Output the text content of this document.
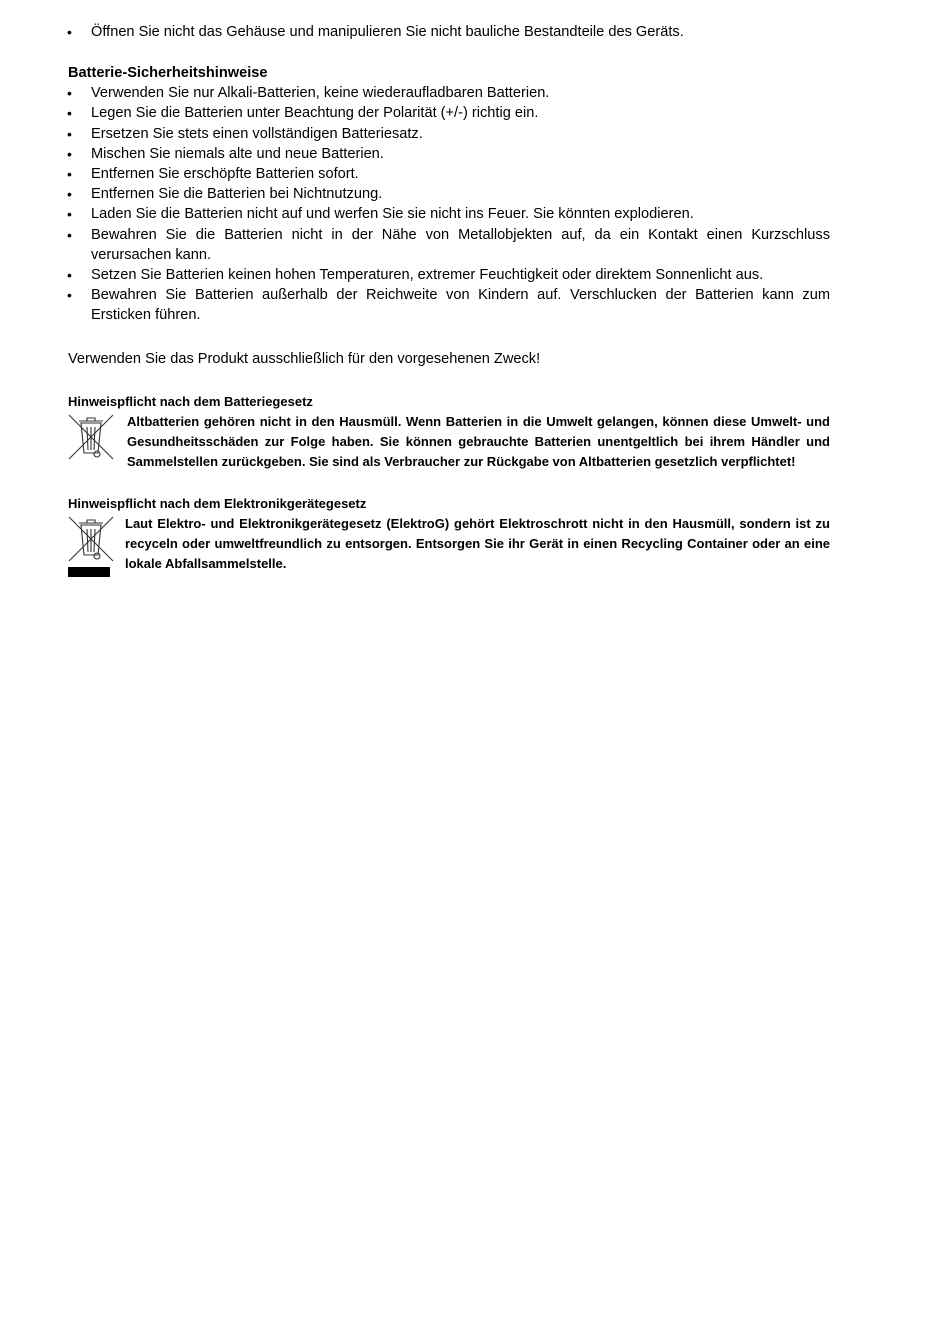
• Öffnen Sie nicht das Gehäuse und manipulieren Sie nicht bauliche Bestandteile des Geräts.

Batterie-Sicherheitshinweise

• Verwenden Sie nur Alkali-Batterien, keine wiederaufladbaren Batterien.
• Legen Sie die Batterien unter Beachtung der Polarität (+/-) richtig ein.
• Ersetzen Sie stets einen vollständigen Batteriesatz.
• Mischen Sie niemals alte und neue Batterien.
• Entfernen Sie erschöpfte Batterien sofort.
• Entfernen Sie die Batterien bei Nichtnutzung.
• Laden Sie die Batterien nicht auf und werfen Sie sie nicht ins Feuer. Sie könnten explodieren.
• Bewahren Sie die Batterien nicht in der Nähe von Metallobjekten auf, da ein Kontakt einen Kurzschluss verursachen kann.
• Setzen Sie Batterien keinen hohen Temperaturen, extremer Feuchtigkeit oder direktem Sonnenlicht aus.
• Bewahren Sie Batterien außerhalb der Reichweite von Kindern auf. Verschlucken der Batterien kann zum Ersticken führen.

Verwenden Sie das Produkt ausschließlich für den vorgesehenen Zweck!

Hinweispflicht nach dem Batteriegesetz

Altbatterien gehören nicht in den Hausmüll. Wenn Batterien in die Umwelt gelangen, können diese Umwelt- und Gesundheitsschäden zur Folge haben. Sie können gebrauchte Batterien unentgeltlich bei ihrem Händler und Sammelstellen zurückgeben. Sie sind als Verbraucher zur Rückgabe von Altbatterien gesetzlich verpflichtet!

Hinweispflicht nach dem Elektronikgerätegesetz

Laut Elektro- und Elektronikgerätegesetz (ElektroG) gehört Elektroschrott nicht in den Hausmüll, sondern ist zu recyceln oder umweltfreundlich zu entsorgen. Entsorgen Sie ihr Gerät in einen Recycling Container oder an eine lokale Abfallsammelstelle.
